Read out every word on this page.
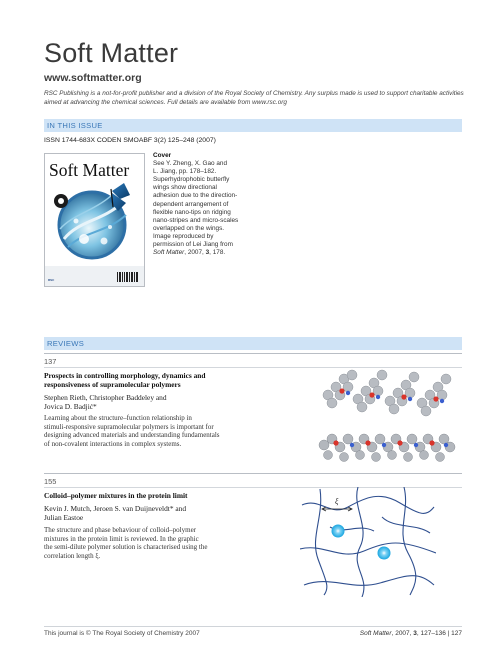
Soft Matter
www.softmatter.org
RSC Publishing is a not-for-profit publisher and a division of the Royal Society of Chemistry. Any surplus made is used to support charitable activities aimed at advancing the chemical sciences. Full details are available from www.rsc.org
IN THIS ISSUE
ISSN 1744-683X CODEN SMOABF 3(2) 125–248 (2007)
Soft Matter
RSC
Cover
See Y. Zheng, X. Gao and
L. Jiang, pp. 178–182.
Superhydrophobic butterfly
wings show directional
adhesion due to the direction-
dependent arrangement of
flexible nano-tips on ridging
nano-stripes and micro-scales
overlapped on the wings.
Image reproduced by
permission of Lei Jiang from
Soft Matter, 2007, 3, 178.
REVIEWS
137
Prospects in controlling morphology, dynamics and
responsiveness of supramolecular polymers
Stephen Rieth, Christopher Baddeley and
Jovica D. Badjić*
Learning about the structure–function relationship in
stimuli-responsive supramolecular polymers is important for
designing advanced materials and understanding fundamentals
of non-covalent interactions in complex systems.
155
Colloid–polymer mixtures in the protein limit
Kevin J. Mutch, Jeroen S. van Duijneveldt* and
Julian Eastoe
The structure and phase behaviour of colloid–polymer
mixtures in the protein limit is reviewed. In the graphic
the semi-dilute polymer solution is characterised using the
correlation length ξ.
ξ
This journal is © The Royal Society of Chemistry 2007	Soft Matter, 2007, 3, 127–136 | 127
